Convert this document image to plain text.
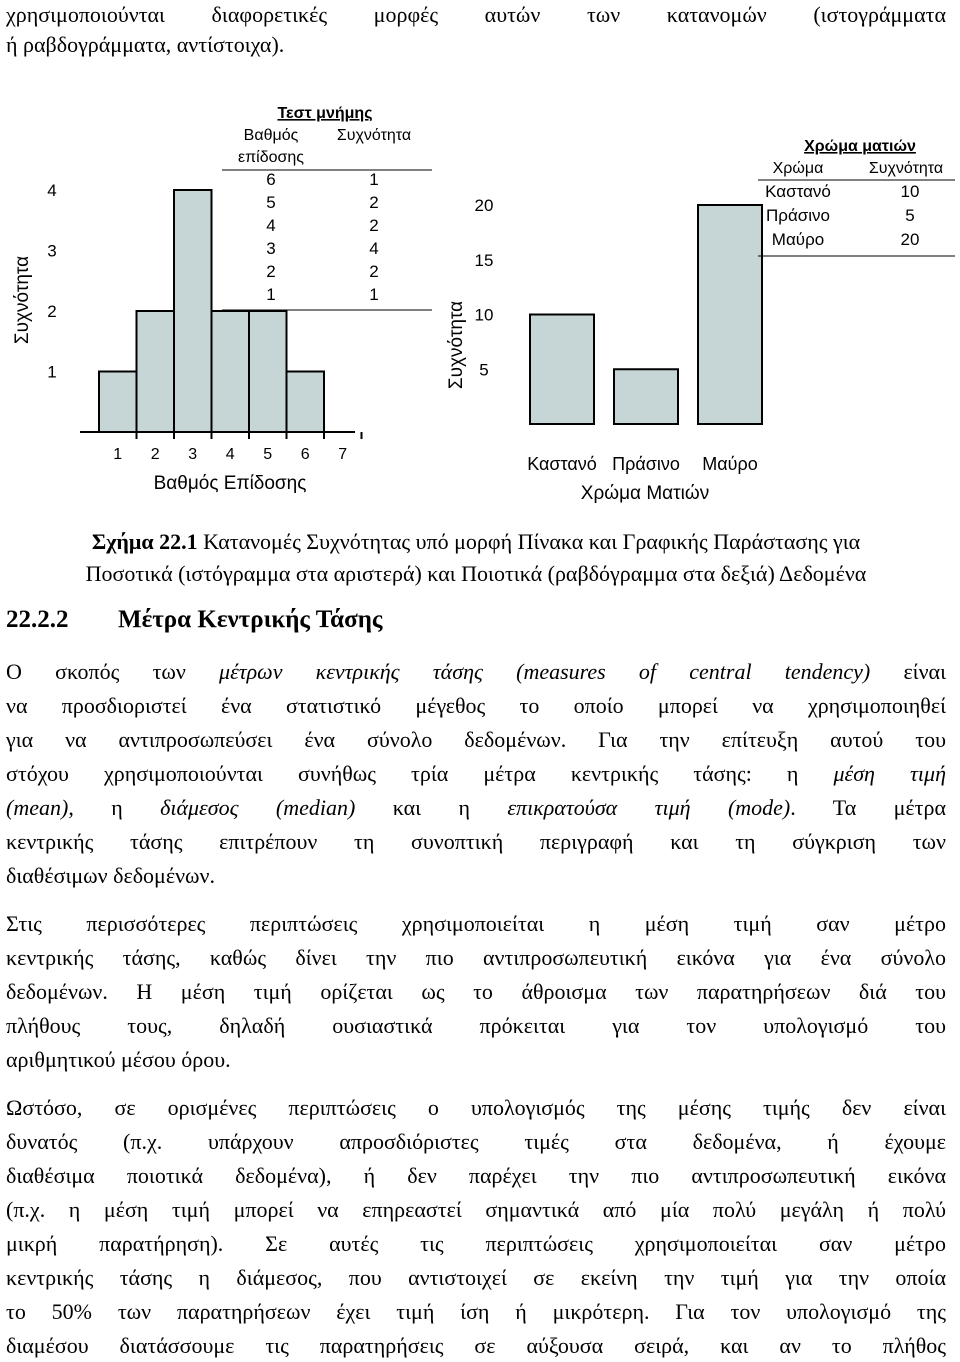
χρησιμοποιούνται διαφορετικές μορφές αυτών των κατανομών (ιστογράμματα
ή ραβδογράμματα, αντίστοιχα).
Συχνότητα
1
2
3
4
1 2 3 4 5 6 7
Βαθμός Επίδοσης
Τεστ μνήμης
Βαθμός
επίδοσης
Συχνότητα
6	1
5	2
4	2
3	4
2	2
1	1
Συχνότητα 5
10
15
20
Καστανό Πράσινο Μαύρο
Χρώμα Ματιών
Χρώμα ματιών
Χρώμα	Συχνότητα
Καστανό	10
Πράσινο	5
Μαύρο	20
Σχήμα 22.1 Κατανομές Συχνότητας υπό μορφή Πίνακα και Γραφικής Παράστασης για
Ποσοτικά (ιστόγραμμα στα αριστερά) και Ποιοτικά (ραβδόγραμμα στα δεξιά) Δεδομένα
22.2.2 Μέτρα Κεντρικής Τάσης
Ο σκοπός των μέτρων κεντρικής τάσης (measures of central tendency) είναι
να προσδιοριστεί ένα στατιστικό μέγεθος το οποίο μπορεί να χρησιμοποιηθεί
για να αντιπροσωπεύσει ένα σύνολο δεδομένων. Για την επίτευξη αυτού του
στόχου χρησιμοποιούνται συνήθως τρία μέτρα κεντρικής τάσης: η μέση τιμή
(mean), η διάμεσος (median) και η επικρατούσα τιμή (mode). Τα μέτρα
κεντρικής τάσης επιτρέπουν τη συνοπτική περιγραφή και τη σύγκριση των
διαθέσιμων δεδομένων.
Στις περισσότερες περιπτώσεις χρησιμοποιείται η μέση τιμή σαν μέτρο
κεντρικής τάσης, καθώς δίνει την πιο αντιπροσωπευτική εικόνα για ένα σύνολο
δεδομένων. Η μέση τιμή ορίζεται ως το άθροισμα των παρατηρήσεων διά του
πλήθους τους, δηλαδή ουσιαστικά πρόκειται για τον υπολογισμό του
αριθμητικού μέσου όρου.
Ωστόσο, σε ορισμένες περιπτώσεις ο υπολογισμός της μέσης τιμής δεν είναι
δυνατός (π.χ. υπάρχουν απροσδιόριστες τιμές στα δεδομένα, ή έχουμε
διαθέσιμα ποιοτικά δεδομένα), ή δεν παρέχει την πιο αντιπροσωπευτική εικόνα
(π.χ. η μέση τιμή μπορεί να επηρεαστεί σημαντικά από μία πολύ μεγάλη ή πολύ
μικρή παρατήρηση). Σε αυτές τις περιπτώσεις χρησιμοποιείται σαν μέτρο
κεντρικής τάσης η διάμεσος, που αντιστοιχεί σε εκείνη την τιμή για την οποία
το 50% των παρατηρήσεων έχει τιμή ίση ή μικρότερη. Για τον υπολογισμό της
διαμέσου διατάσσουμε τις παρατηρήσεις σε αύξουσα σειρά, και αν το πλήθος
